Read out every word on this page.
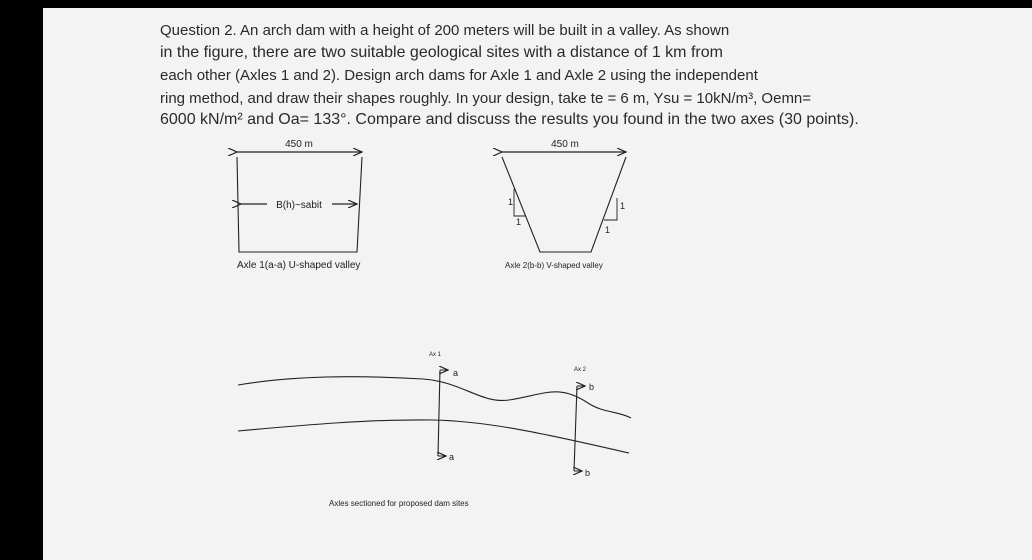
Question 2. An arch dam with a height of 200 meters will be built in a valley. As shown
in the figure, there are two suitable geological sites with a distance of 1 km from
each other (Axles 1 and 2). Design arch dams for Axle 1 and Axle 2 using the independent
ring method, and draw their shapes roughly. In your design, take te = 6 m, Ysu = 10kN/m³, Oemn=
6000 kN/m² and Oa= 133°. Compare and discuss the results you found in the two axes (30 points).
450 m
B(h)~sabit
Axle 1(a-a) U-shaped valley
450 m
1
1
1
1
Axle 2(b-b) V-shaped valley
Ax 1
a
a
Ax 2
b
b
Axles sectioned for proposed dam sites
